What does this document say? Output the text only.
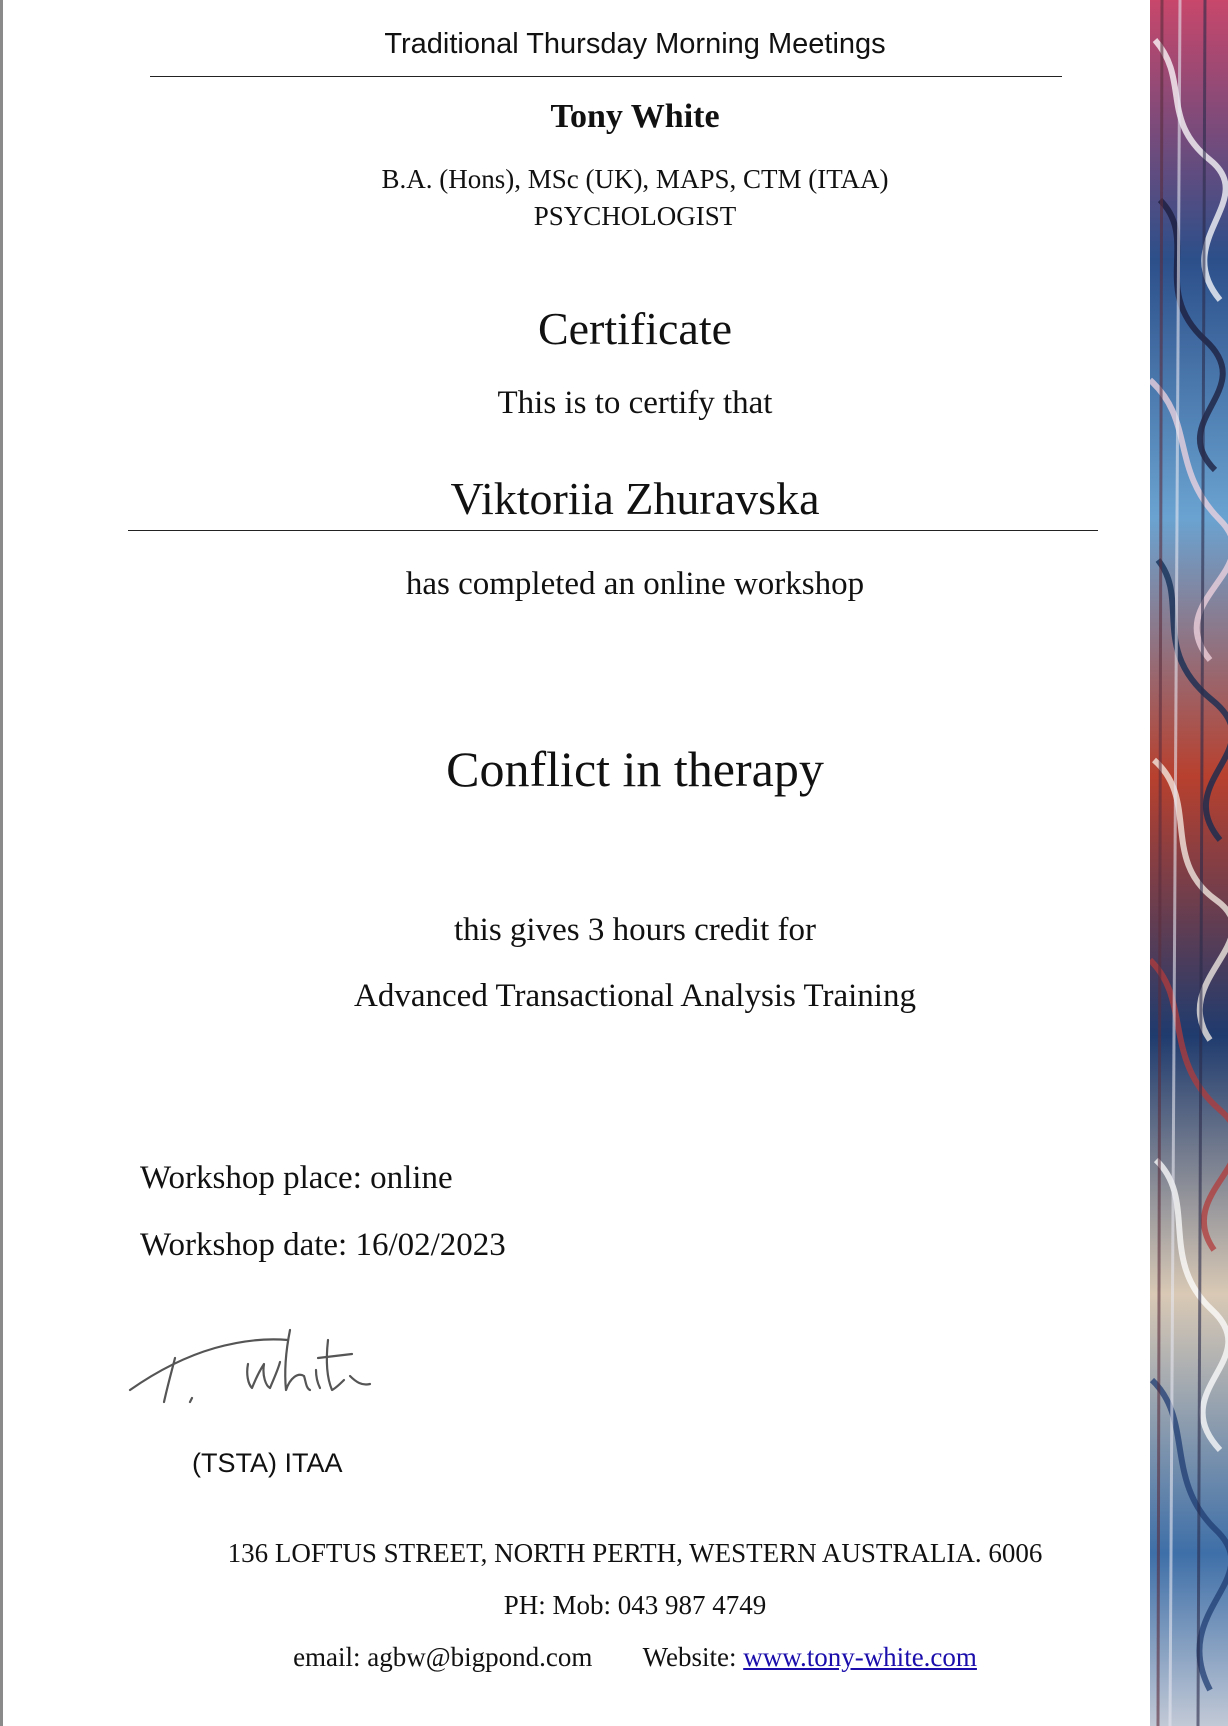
Traditional Thursday Morning Meetings
Tony White
B.A. (Hons), MSc (UK), MAPS, CTM (ITAA)
PSYCHOLOGIST
Certificate
This is to certify that
Viktoriia Zhuravska
has completed an online workshop
Conflict in therapy
this gives 3 hours credit for
Advanced Transactional Analysis Training
Workshop place: online
Workshop date: 16/02/2023
(TSTA) ITAA
136 LOFTUS STREET, NORTH PERTH, WESTERN AUSTRALIA. 6006
PH: Mob: 043 987 4749
email: agbw@bigpond.com Website: www.tony-white.com
